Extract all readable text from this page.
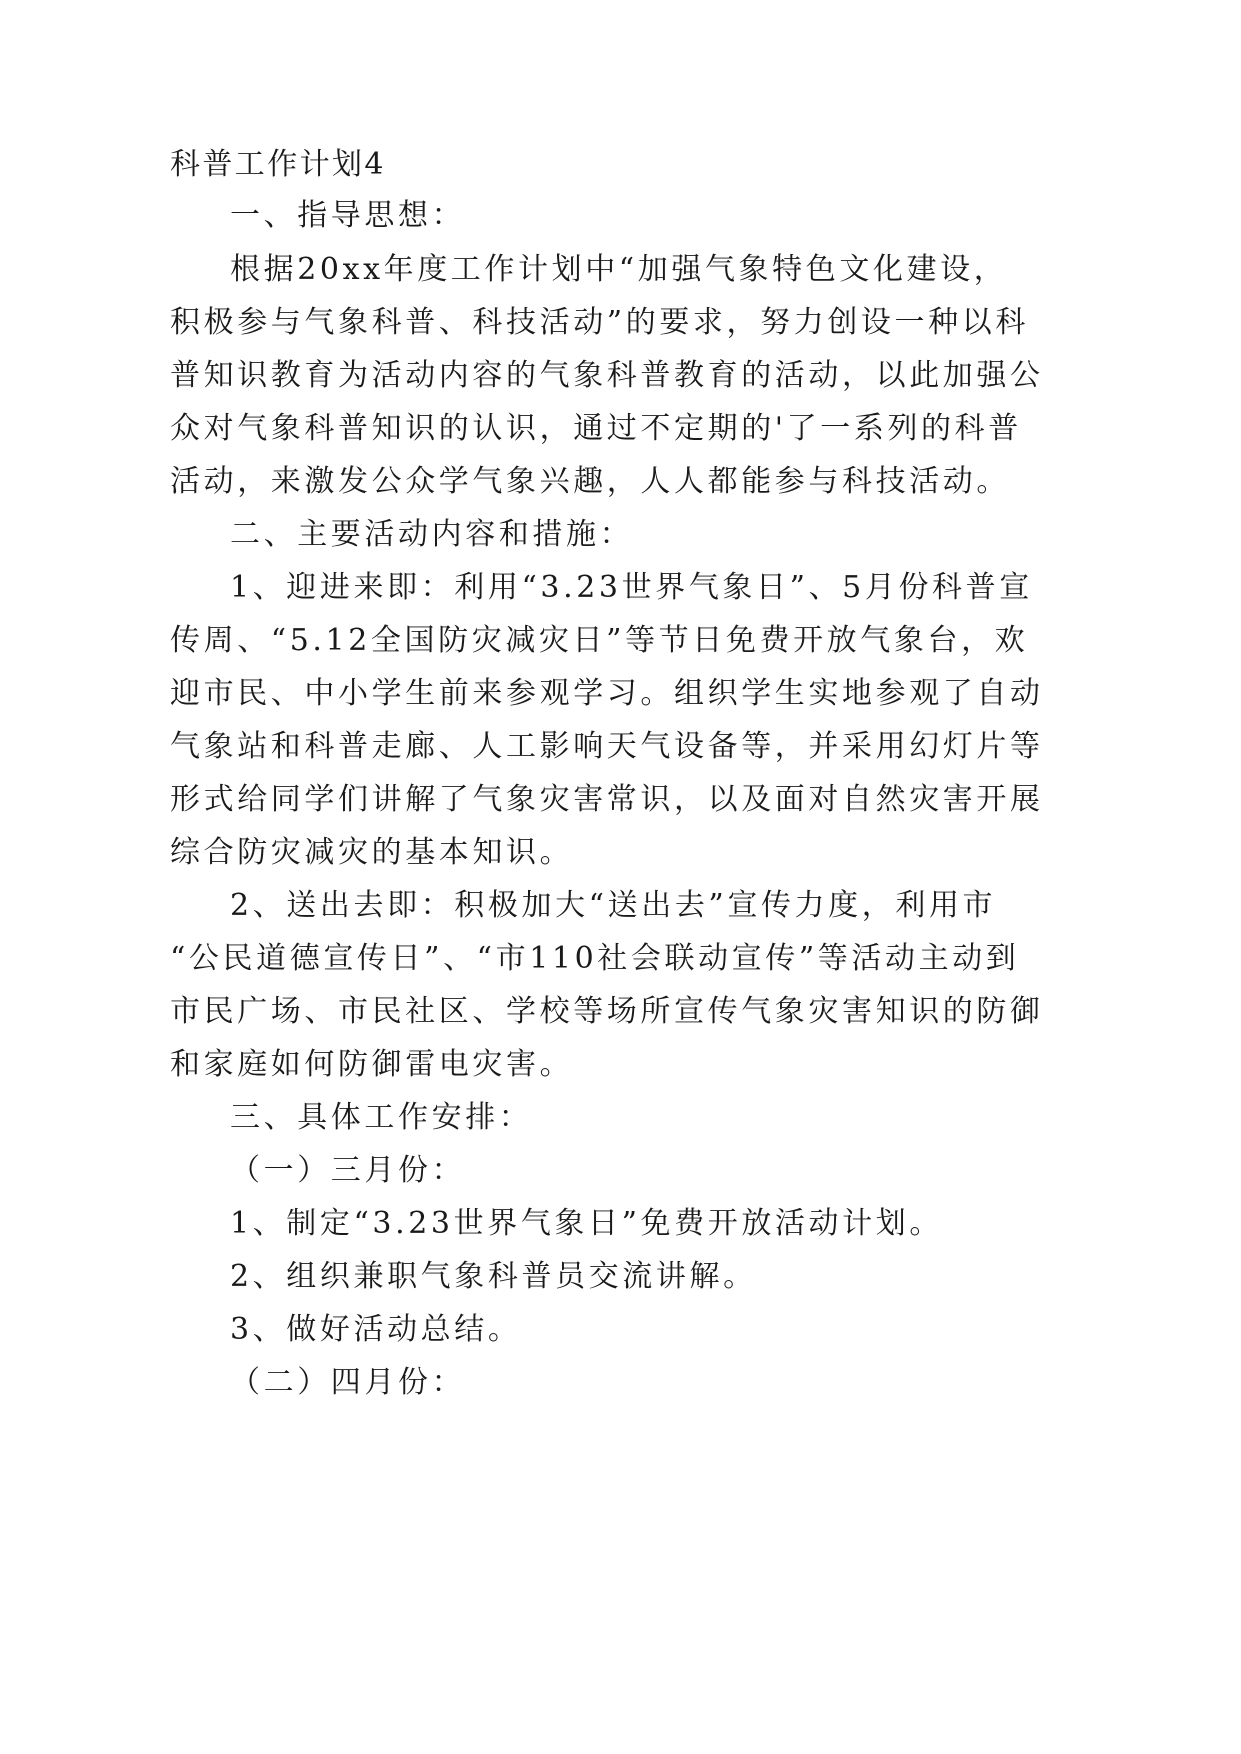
科普工作计划4
一、指导思想：
根据20xx年度工作计划中“加强气象特色文化建设，
积极参与气象科普、科技活动”的要求，努力创设一种以科
普知识教育为活动内容的气象科普教育的活动，以此加强公
众对气象科普知识的认识，通过不定期的'了一系列的科普
活动，来激发公众学气象兴趣，人人都能参与科技活动。
二、主要活动内容和措施：
1、迎进来即：利用“3.23世界气象日”、5月份科普宣
传周、“5.12全国防灾减灾日”等节日免费开放气象台，欢
迎市民、中小学生前来参观学习。组织学生实地参观了自动
气象站和科普走廊、人工影响天气设备等，并采用幻灯片等
形式给同学们讲解了气象灾害常识，以及面对自然灾害开展
综合防灾减灾的基本知识。
2、送出去即：积极加大“送出去”宣传力度，利用市
“公民道德宣传日”、“市110社会联动宣传”等活动主动到
市民广场、市民社区、学校等场所宣传气象灾害知识的防御
和家庭如何防御雷电灾害。
三、具体工作安排：
（一）三月份：
1、制定“3.23世界气象日”免费开放活动计划。
2、组织兼职气象科普员交流讲解。
3、做好活动总结。
（二）四月份：
